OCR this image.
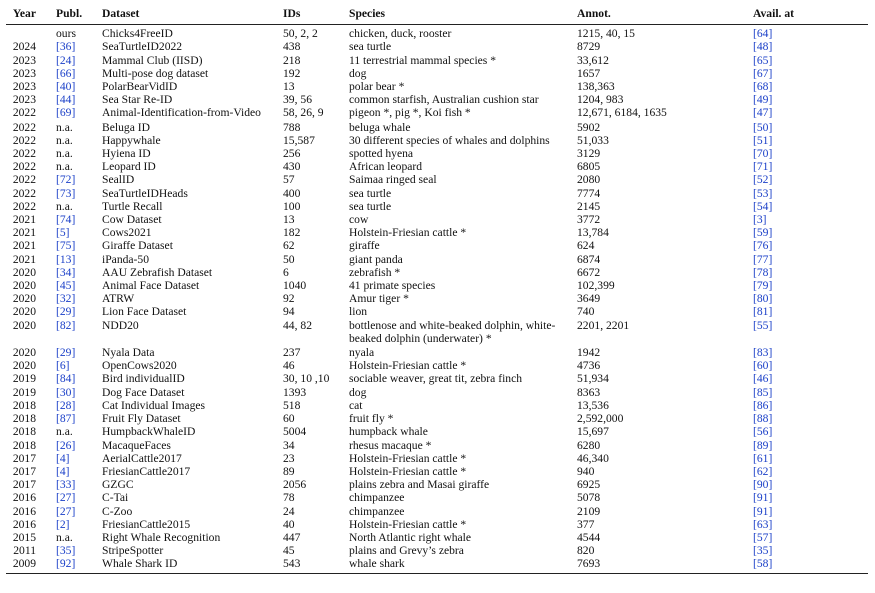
Year	Publ.	Dataset	IDs	Species	Annot.	Avail. at
	ours	Chicks4FreeID	50, 2, 2	chicken, duck, rooster	1215, 40, 15	[64]
2024	[36]	SeaTurtleID2022	438	sea turtle	8729	[48]
2023	[24]	Mammal Club (IISD)	218	11 terrestrial mammal species *	33,612	[65]
2023	[66]	Multi-pose dog dataset	192	dog	1657	[67]
2023	[40]	PolarBearVidID	13	polar bear *	138,363	[68]
2023	[44]	Sea Star Re-ID	39, 56	common starfish, Australian cushion star	1204, 983	[49]
2022	[69]	Animal-Identification-from-Video	58, 26, 9	pigeon *, pig *, Koi fish *	12,671, 6184, 1635	[47]
2022	n.a.	Beluga ID	788	beluga whale	5902	[50]
2022	n.a.	Happywhale	15,587	30 different species of whales and dolphins	51,033	[51]
2022	n.a.	Hyiena ID	256	spotted hyena	3129	[70]
2022	n.a.	Leopard ID	430	African leopard	6805	[71]
2022	[72]	SealID	57	Saimaa ringed seal	2080	[52]
2022	[73]	SeaTurtleIDHeads	400	sea turtle	7774	[53]
2022	n.a.	Turtle Recall	100	sea turtle	2145	[54]
2021	[74]	Cow Dataset	13	cow	3772	[3]
2021	[5]	Cows2021	182	Holstein-Friesian cattle *	13,784	[59]
2021	[75]	Giraffe Dataset	62	giraffe	624	[76]
2021	[13]	iPanda-50	50	giant panda	6874	[77]
2020	[34]	AAU Zebrafish Dataset	6	zebrafish *	6672	[78]
2020	[45]	Animal Face Dataset	1040	41 primate species	102,399	[79]
2020	[32]	ATRW	92	Amur tiger *	3649	[80]
2020	[29]	Lion Face Dataset	94	lion	740	[81]
2020	[82]	NDD20	44, 82	bottlenose and white-beaked dolphin, white-beaked dolphin (underwater) *	2201, 2201	[55]
2020	[29]	Nyala Data	237	nyala	1942	[83]
2020	[6]	OpenCows2020	46	Holstein-Friesian cattle *	4736	[60]
2019	[84]	Bird individualID	30, 10 ,10	sociable weaver, great tit, zebra finch	51,934	[46]
2019	[30]	Dog Face Dataset	1393	dog	8363	[85]
2018	[28]	Cat Individual Images	518	cat	13,536	[86]
2018	[87]	Fruit Fly Dataset	60	fruit fly *	2,592,000	[88]
2018	n.a.	HumpbackWhaleID	5004	humpback whale	15,697	[56]
2018	[26]	MacaqueFaces	34	rhesus macaque *	6280	[89]
2017	[4]	AerialCattle2017	23	Holstein-Friesian cattle *	46,340	[61]
2017	[4]	FriesianCattle2017	89	Holstein-Friesian cattle *	940	[62]
2017	[33]	GZGC	2056	plains zebra and Masai giraffe	6925	[90]
2016	[27]	C-Tai	78	chimpanzee	5078	[91]
2016	[27]	C-Zoo	24	chimpanzee	2109	[91]
2016	[2]	FriesianCattle2015	40	Holstein-Friesian cattle *	377	[63]
2015	n.a.	Right Whale Recognition	447	North Atlantic right whale	4544	[57]
2011	[35]	StripeSpotter	45	plains and Grevy’s zebra	820	[35]
2009	[92]	Whale Shark ID	543	whale shark	7693	[58]
